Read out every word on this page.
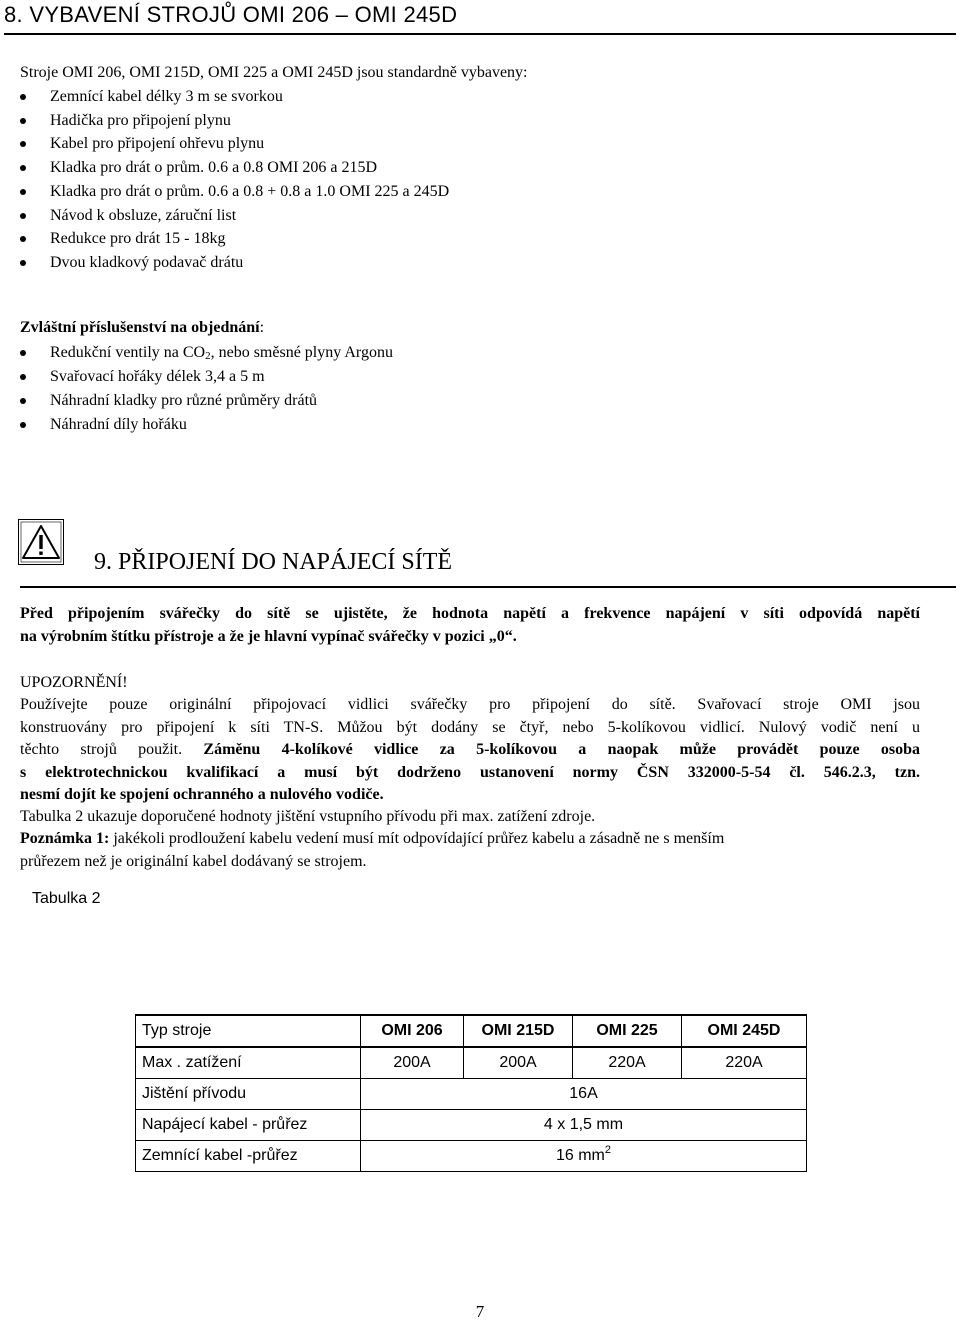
8. VYBAVENÍ STROJŮ OMI 206 – OMI 245D
Stroje OMI 206, OMI 215D, OMI 225 a OMI 245D jsou standardně vybaveny:
Zemnící kabel délky 3 m se svorkou
Hadička pro připojení plynu
Kabel pro připojení ohřevu plynu
Kladka pro drát o prům. 0.6 a 0.8 OMI 206 a 215D
Kladka pro drát o prům. 0.6 a 0.8 + 0.8 a 1.0 OMI 225 a 245D
Návod k obsluze, záruční list
Redukce pro drát 15 - 18kg
Dvou kladkový podavač drátu
Zvláštní příslušenství na objednání:
Redukční ventily na $CO_2$, nebo směsné plyny Argonu
Svařovací hořáky délek 3,4 a 5 m
Náhradní kladky pro různé průměry drátů
Náhradní díly hořáku
9. PŘIPOJENÍ DO NAPÁJECÍ SÍTĚ
Před připojením svářečky do sítě se ujistěte, že hodnota napětí a frekvence napájení v síti odpovídá napětí
na výrobním štítku přístroje a že je hlavní vypínač svářečky v pozici „0“.
UPOZORNĚNÍ!
Používejte pouze originální připojovací vidlici svářečky pro připojení do sítě. Svařovací stroje OMI jsou
konstruovány pro připojení k síti TN-S. Můžou být dodány se čtyř, nebo 5-kolíkovou vidlicí. Nulový vodič není u
těchto strojů použit. Záměnu 4-kolíkové vidlice za 5-kolíkovou a naopak může provádět pouze osoba
s elektrotechnickou kvalifikací a musí být dodrženo ustanovení normy ČSN 332000-5-54 čl. 546.2.3, tzn.
nesmí dojít ke spojení ochranného a nulového vodiče.
Tabulka 2 ukazuje doporučené hodnoty jištění vstupního přívodu při max. zatížení zdroje.
Poznámka 1: jakékoli prodloužení kabelu vedení musí mít odpovídající průřez kabelu a zásadně ne s menším
průřezem než je originální kabel dodávaný se strojem.
Tabulka 2
Typ stroje	OMI 206	OMI 215D	OMI 225	OMI 245D
Max . zatížení	200A	200A	220A	220A
Jištění přívodu	16A			
Napájecí kabel - průřez	4 x 1,5 mm			
Zemnící kabel -průřez	16 $mm^2$
7
